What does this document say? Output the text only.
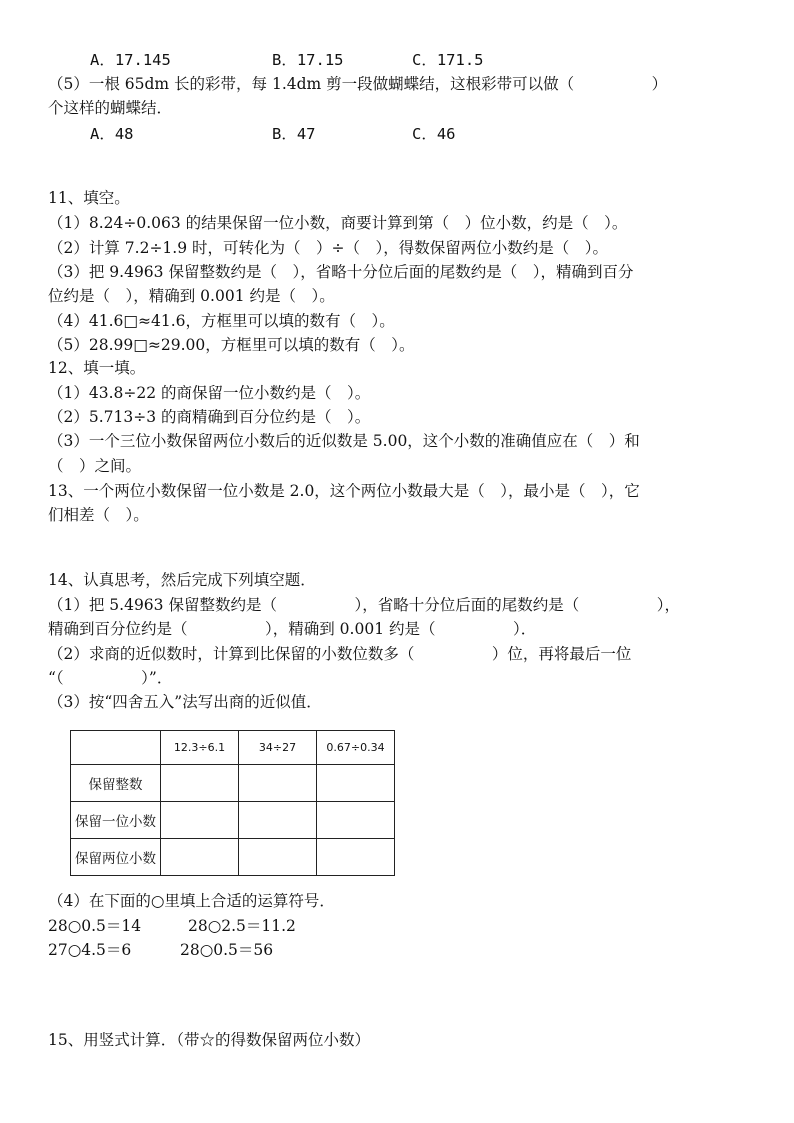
A．17.145	B．17.15	C．171.5
（5）一根 65dm 长的彩带，每 1.4dm 剪一段做蝴蝶结，这根彩带可以做（　　　　　）
个这样的蝴蝶结．
A．48	B．47	C．46
11、填空。
（1）8.24÷0.063 的结果保留一位小数，商要计算到第（　）位小数，约是（　）。
（2）计算 7.2÷1.9 时，可转化为（　）÷（　），得数保留两位小数约是（　）。
（3）把 9.4963 保留整数约是（　），省略十分位后面的尾数约是（　），精确到百分
位约是（　），精确到 0.001 约是（　）。
（4）41.6□≈41.6，方框里可以填的数有（　）。
（5）28.99□≈29.00，方框里可以填的数有（　）。
12、填一填。
（1）43.8÷22 的商保留一位小数约是（　）。
（2）5.713÷3 的商精确到百分位约是（　）。
（3）一个三位小数保留两位小数后的近似数是 5.00，这个小数的准确值应在（　）和
（　）之间。
13、一个两位小数保留一位小数是 2.0，这个两位小数最大是（　），最小是（　），它
们相差（　）。
14、认真思考，然后完成下列填空题．
（1）把 5.4963 保留整数约是（　　　　　），省略十分位后面的尾数约是（　　　　　），
精确到百分位约是（　　　　　），精确到 0.001 约是（　　　　　）．
（2）求商的近似数时，计算到比保留的小数位数多（　　　　　）位，再将最后一位
“（　　　　　）”．
（3）按“四舍五入”法写出商的近似值．
	12.3÷6.1	34÷27	0.67÷0.34
保留整数			
保留一位小数			
保留两位小数			
（4）在下面的○里填上合适的运算符号．
28○0.5＝14	28○2.5＝11.2
27○4.5＝6	28○0.5＝56
15、用竖式计算．（带☆的得数保留两位小数）
